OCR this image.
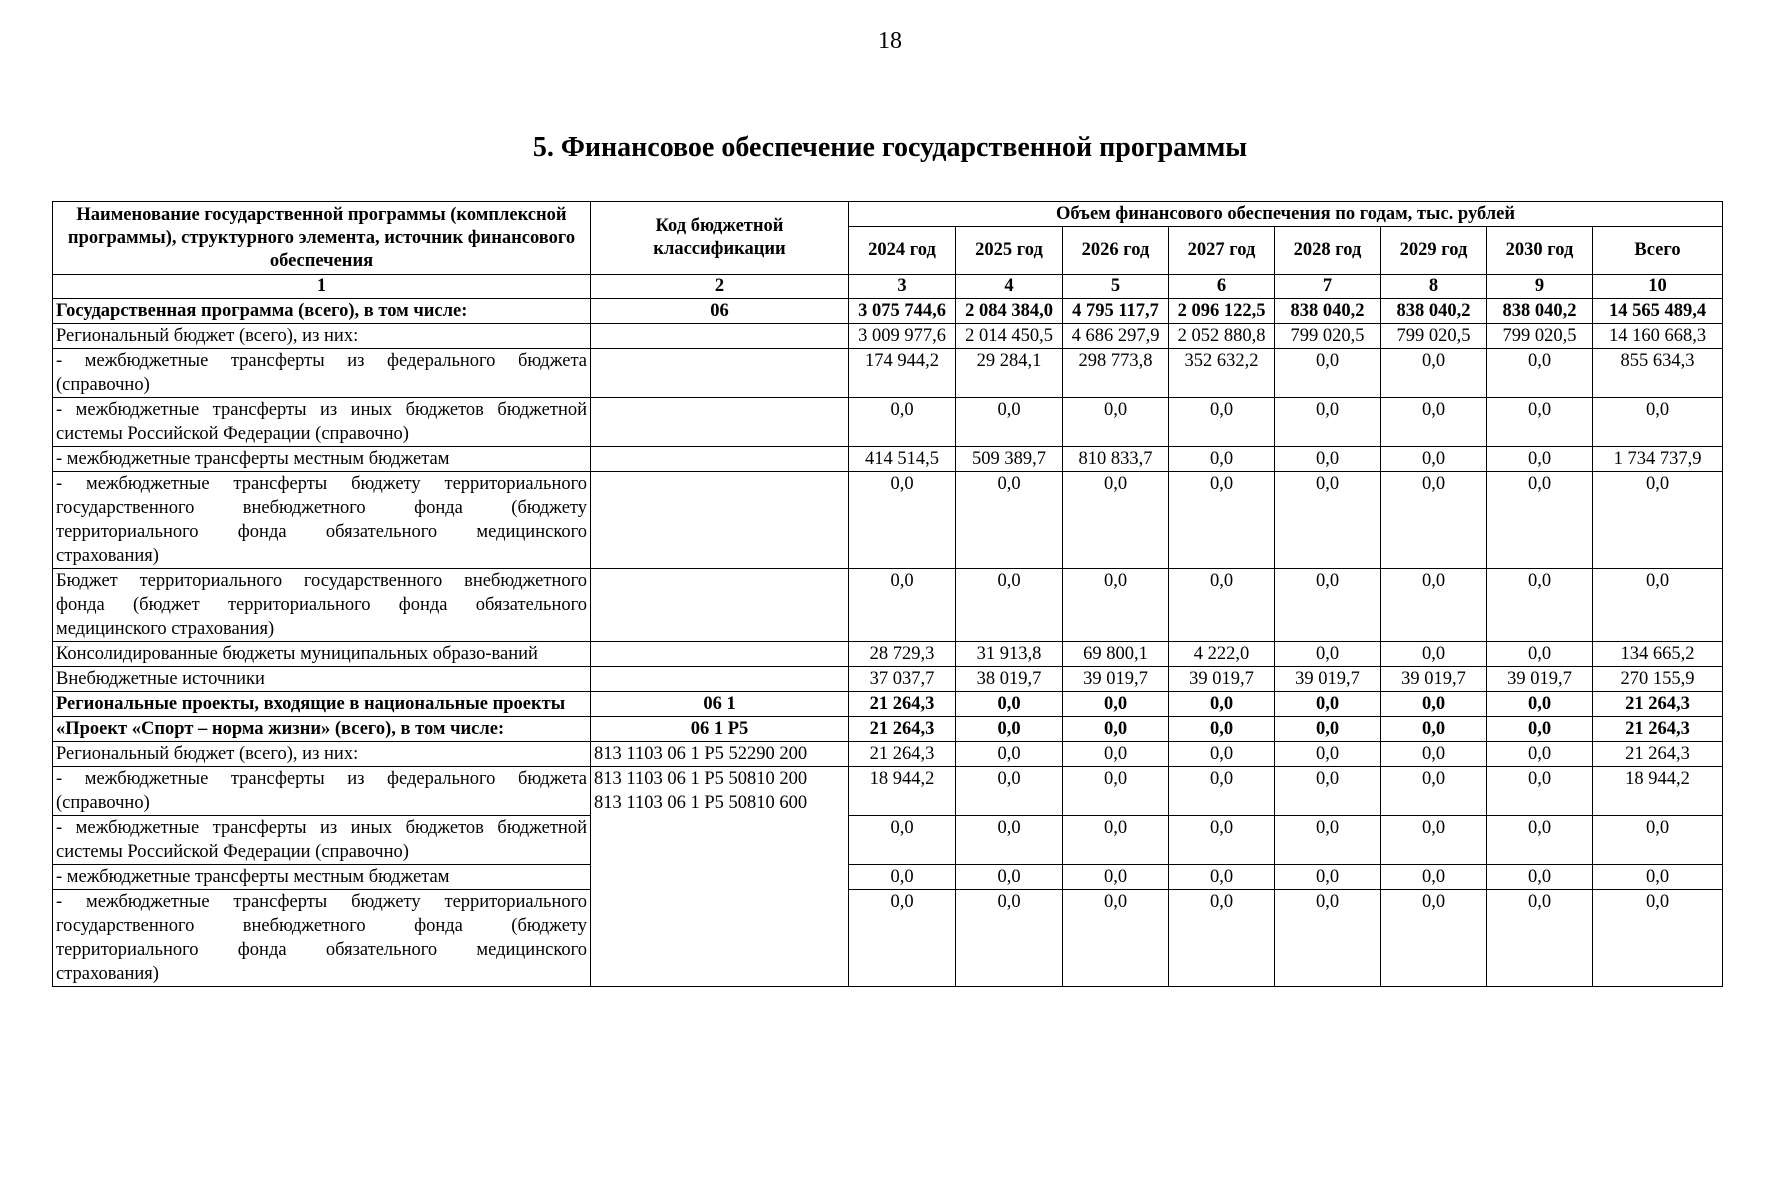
18
5. Финансовое обеспечение государственной программы
Наименование государственной программы (комплексной программы), структурного элемента, источник финансового обеспечения	Код бюджетной классификации	Объем финансового обеспечения по годам, тыс. рублей							
		2024 год	2025 год	2026 год	2027 год	2028 год	2029 год	2030 год	Всего
1	2	3	4	5	6	7	8	9	10
Государственная программа (всего), в том числе:	06	3 075 744,6	2 084 384,0	4 795 117,7	2 096 122,5	838 040,2	838 040,2	838 040,2	14 565 489,4
Региональный бюджет (всего), из них:		3 009 977,6	2 014 450,5	4 686 297,9	2 052 880,8	799 020,5	799 020,5	799 020,5	14 160 668,3
- межбюджетные трансферты из федерального бюджета (справочно)		174 944,2	29 284,1	298 773,8	352 632,2	0,0	0,0	0,0	855 634,3
- межбюджетные трансферты из иных бюджетов бюджетной системы Российской Федерации (справочно)		0,0	0,0	0,0	0,0	0,0	0,0	0,0	0,0
- межбюджетные трансферты местным бюджетам		414 514,5	509 389,7	810 833,7	0,0	0,0	0,0	0,0	1 734 737,9
- межбюджетные трансферты бюджету территориального государственного внебюджетного фонда (бюджету территориального фонда обязательного медицинского страхования)		0,0	0,0	0,0	0,0	0,0	0,0	0,0	0,0
Бюджет территориального государственного внебюджетного фонда (бюджет территориального фонда обязательного медицинского страхования)		0,0	0,0	0,0	0,0	0,0	0,0	0,0	0,0
Консолидированные бюджеты муниципальных образо-ваний		28 729,3	31 913,8	69 800,1	4 222,0	0,0	0,0	0,0	134 665,2
Внебюджетные источники		37 037,7	38 019,7	39 019,7	39 019,7	39 019,7	39 019,7	39 019,7	270 155,9
Региональные проекты, входящие в национальные проекты	06 1	21 264,3	0,0	0,0	0,0	0,0	0,0	0,0	21 264,3
«Проект «Спорт – норма жизни» (всего), в том числе:	06 1 Р5	21 264,3	0,0	0,0	0,0	0,0	0,0	0,0	21 264,3
Региональный бюджет (всего), из них:	813 1103 06 1 Р5 52290 200	21 264,3	0,0	0,0	0,0	0,0	0,0	0,0	21 264,3
- межбюджетные трансферты из федерального бюджета (справочно)	813 1103 06 1 Р5 50810 200
813 1103 06 1 Р5 50810 600	18 944,2	0,0	0,0	0,0	0,0	0,0	0,0	18 944,2
- межбюджетные трансферты из иных бюджетов бюджетной системы Российской Федерации (справочно)		0,0	0,0	0,0	0,0	0,0	0,0	0,0	0,0
- межбюджетные трансферты местным бюджетам		0,0	0,0	0,0	0,0	0,0	0,0	0,0	0,0
- межбюджетные трансферты бюджету территориального государственного внебюджетного фонда (бюджету территориального фонда обязательного медицинского страхования)		0,0	0,0	0,0	0,0	0,0	0,0	0,0	0,0
